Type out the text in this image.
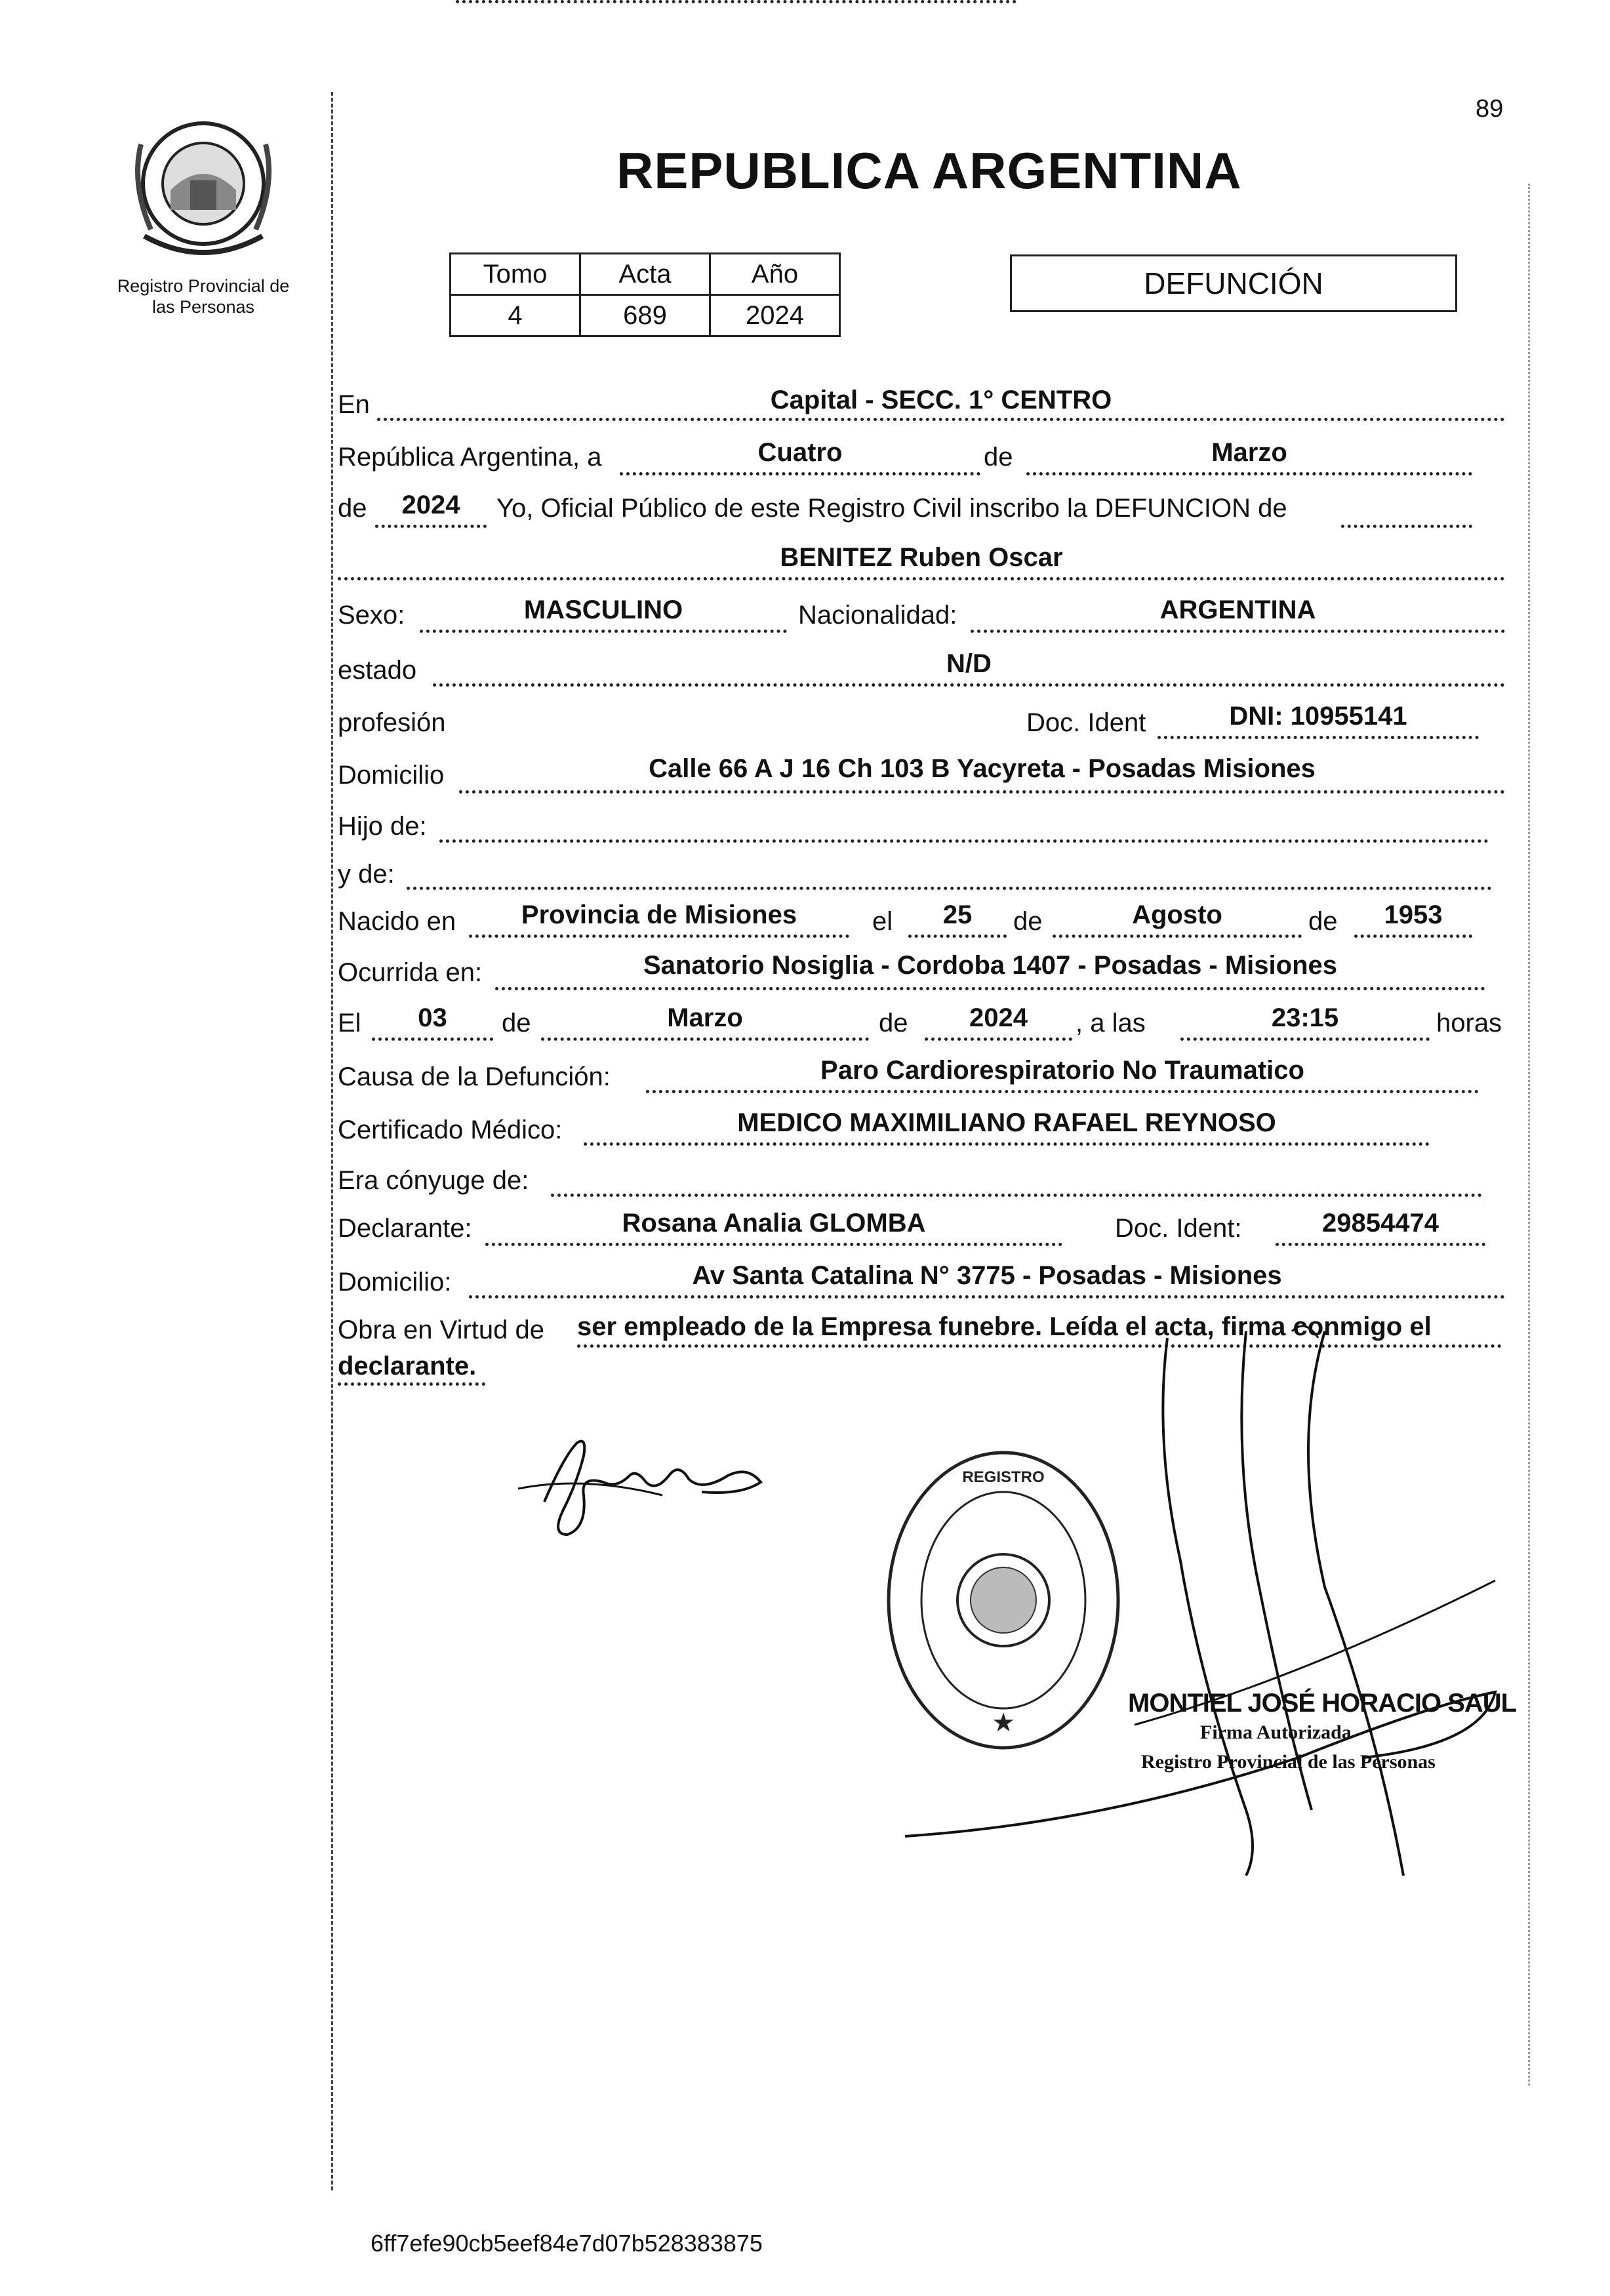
Registro Provincial de
las Personas
89
REPUBLICA ARGENTINA
Tomo	Acta	Año
4	689	2024
DEFUNCIÓN
En	Capital - SECC. 1° CENTRO
República Argentina, a	Cuatro	de	Marzo
de	2024	Yo, Oficial Público de este Registro Civil inscribo la DEFUNCION de
BENITEZ Ruben Oscar
Sexo:	MASCULINO	Nacionalidad:	ARGENTINA
estado	N/D
profesión	Doc. Ident	DNI: 10955141
Domicilio	Calle 66 A J 16 Ch 103 B Yacyreta - Posadas Misiones
Hijo de:
y de:
Nacido en	Provincia de Misiones	el	25	de	Agosto	de	1953
Ocurrida en:	Sanatorio Nosiglia - Cordoba 1407 - Posadas - Misiones
El	03	de	Marzo	de	2024	, a las	23:15	horas
Causa de la Defunción:	Paro Cardiorespiratorio No Traumatico
Certificado Médico:	MEDICO MAXIMILIANO RAFAEL REYNOSO
Era cónyuge de:
Declarante:	Rosana Analia GLOMBA	Doc. Ident:	29854474
Domicilio:	Av Santa Catalina N° 3775 - Posadas - Misiones
Obra en Virtud de ser empleado de la Empresa funebre. Leída el acta, firma conmigo el
declarante.
REGISTRO
★
MONTIEL JOSÉ HORACIO SAUL
Firma Autorizada
Registro Provincial de las Personas
6ff7efe90cb5eef84e7d07b528383875
